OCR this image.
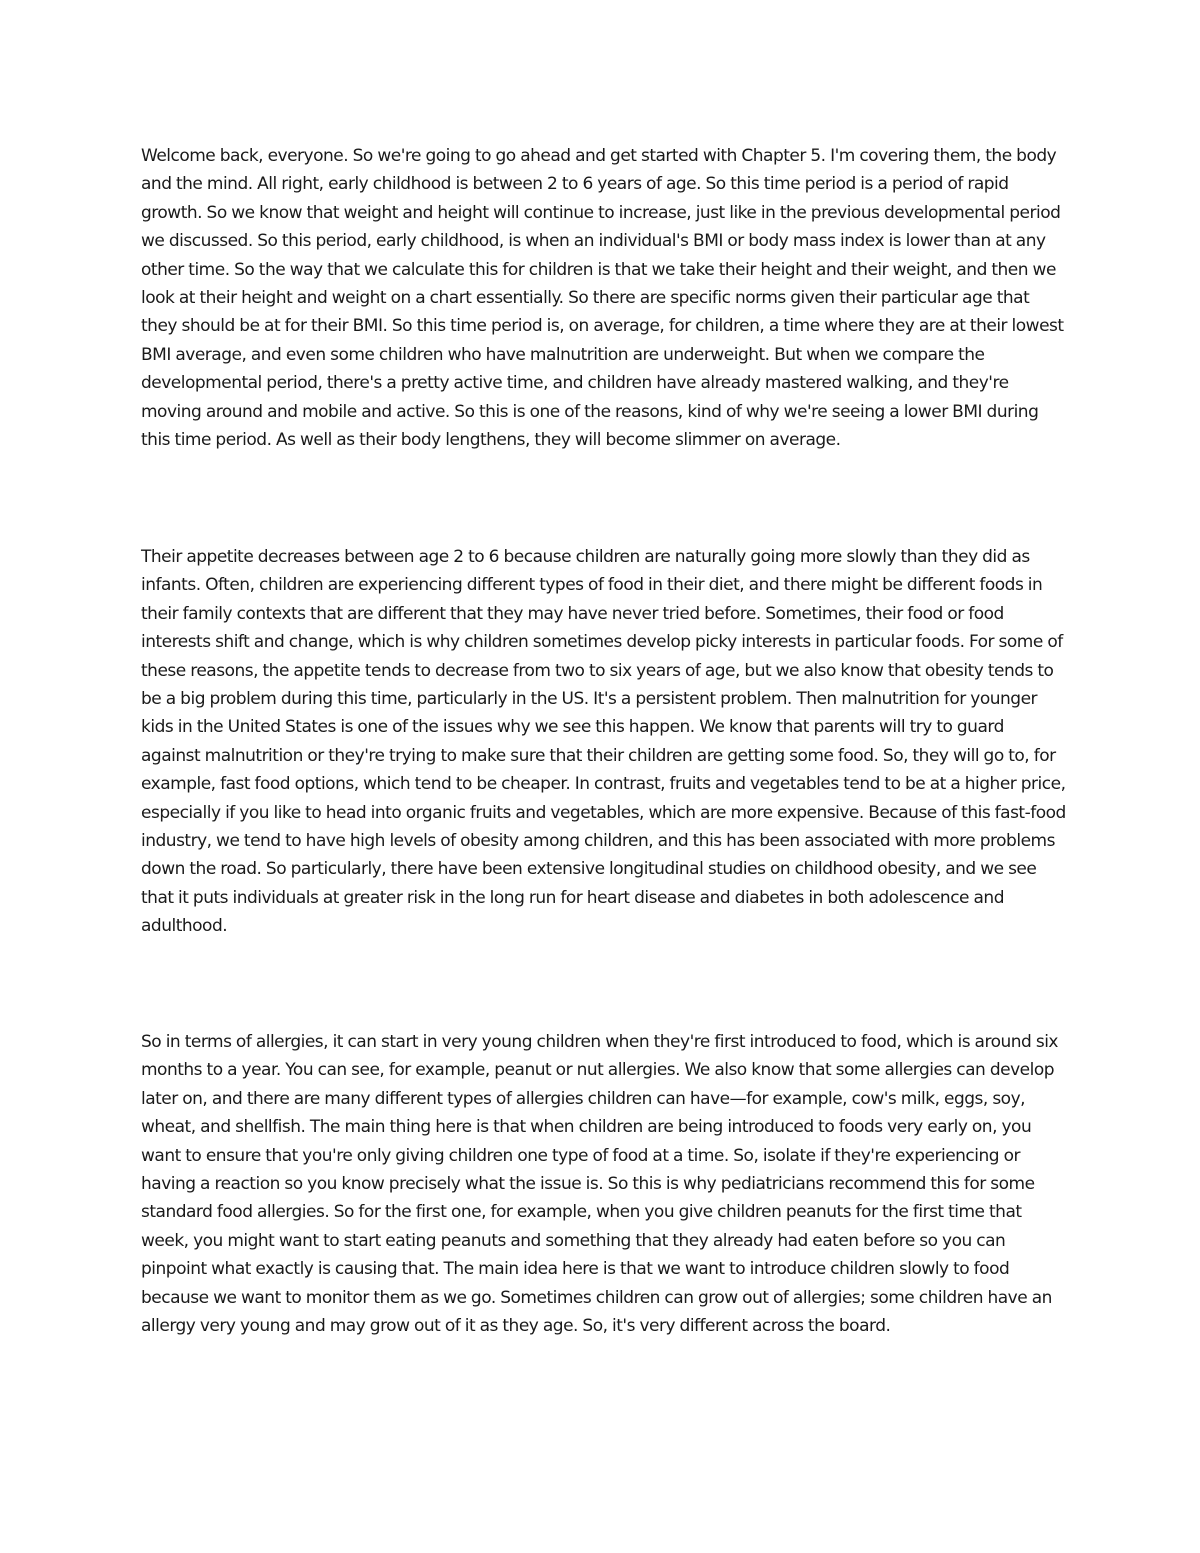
Welcome back, everyone. So we're going to go ahead and get started with Chapter 5. I'm covering them, the body and the mind. All right, early childhood is between 2 to 6 years of age. So this time period is a period of rapid growth. So we know that weight and height will continue to increase, just like in the previous developmental period we discussed. So this period, early childhood, is when an individual's BMI or body mass index is lower than at any other time. So the way that we calculate this for children is that we take their height and their weight, and then we look at their height and weight on a chart essentially. So there are specific norms given their particular age that they should be at for their BMI. So this time period is, on average, for children, a time where they are at their lowest BMI average, and even some children who have malnutrition are underweight. But when we compare the developmental period, there's a pretty active time, and children have already mastered walking, and they're moving around and mobile and active. So this is one of the reasons, kind of why we're seeing a lower BMI during this time period. As well as their body lengthens, they will become slimmer on average.

Their appetite decreases between age 2 to 6 because children are naturally going more slowly than they did as infants. Often, children are experiencing different types of food in their diet, and there might be different foods in their family contexts that are different that they may have never tried before. Sometimes, their food or food interests shift and change, which is why children sometimes develop picky interests in particular foods. For some of these reasons, the appetite tends to decrease from two to six years of age, but we also know that obesity tends to be a big problem during this time, particularly in the US. It's a persistent problem. Then malnutrition for younger kids in the United States is one of the issues why we see this happen. We know that parents will try to guard against malnutrition or they're trying to make sure that their children are getting some food. So, they will go to, for example, fast food options, which tend to be cheaper. In contrast, fruits and vegetables tend to be at a higher price, especially if you like to head into organic fruits and vegetables, which are more expensive. Because of this fast-food industry, we tend to have high levels of obesity among children, and this has been associated with more problems down the road. So particularly, there have been extensive longitudinal studies on childhood obesity, and we see that it puts individuals at greater risk in the long run for heart disease and diabetes in both adolescence and adulthood.

So in terms of allergies, it can start in very young children when they're first introduced to food, which is around six months to a year. You can see, for example, peanut or nut allergies. We also know that some allergies can develop later on, and there are many different types of allergies children can have—for example, cow's milk, eggs, soy, wheat, and shellfish. The main thing here is that when children are being introduced to foods very early on, you want to ensure that you're only giving children one type of food at a time. So, isolate if they're experiencing or having a reaction so you know precisely what the issue is. So this is why pediatricians recommend this for some standard food allergies. So for the first one, for example, when you give children peanuts for the first time that week, you might want to start eating peanuts and something that they already had eaten before so you can pinpoint what exactly is causing that. The main idea here is that we want to introduce children slowly to food because we want to monitor them as we go. Sometimes children can grow out of allergies; some children have an allergy very young and may grow out of it as they age. So, it's very different across the board.
